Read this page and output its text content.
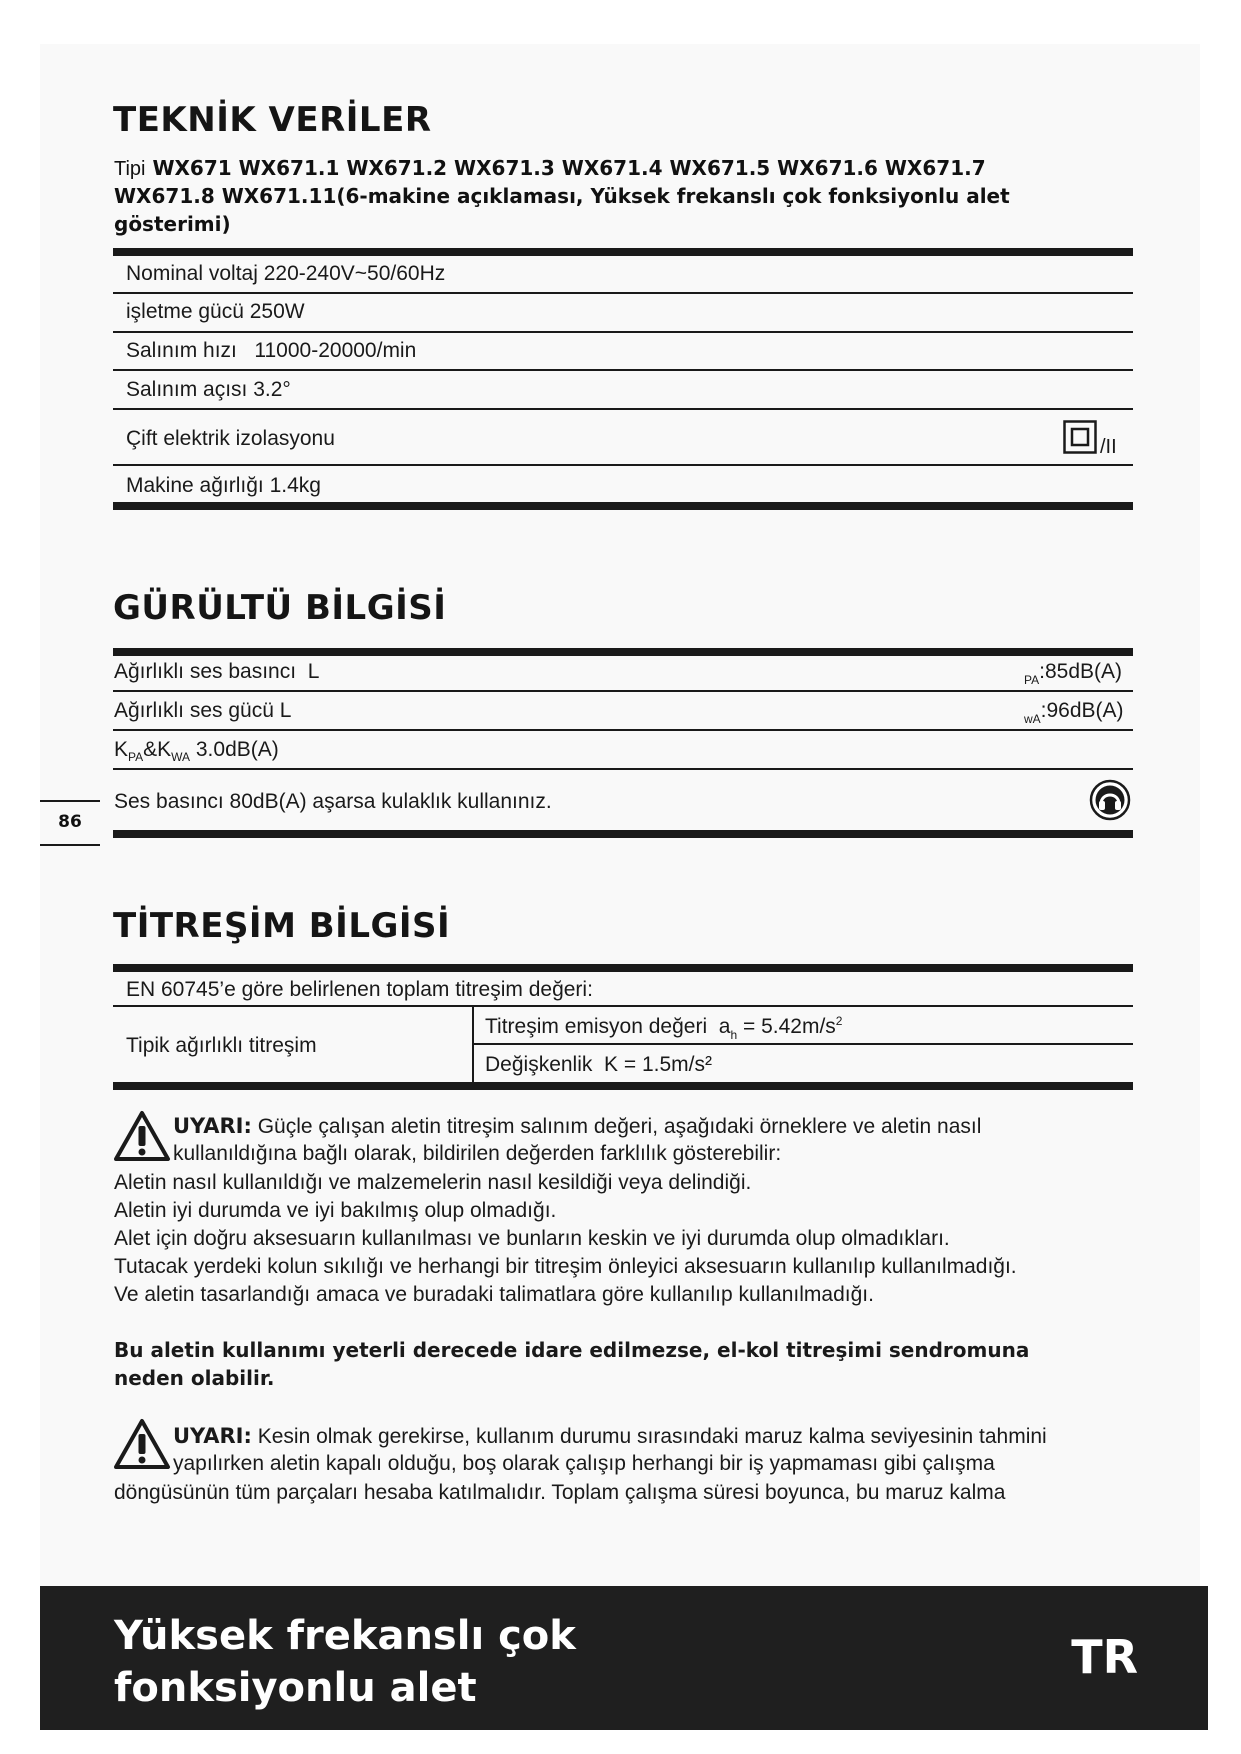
TEKNİK VERİLER
Tipi WX671 WX671.1 WX671.2 WX671.3 WX671.4 WX671.5 WX671.6 WX671.7
WX671.8 WX671.11(6-makine açıklaması, Yüksek frekanslı çok fonksiyonlu alet
gösterimi)
Nominal voltaj 220-240V~50/60Hz
işletme gücü 250W
Salınım hızı   11000-20000/min
Salınım açısı 3.2°
Çift elektrik izolasyonu	/II
Makine ağırlığı 1.4kg
GÜRÜLTÜ BİLGİSİ
Ağırlıklı ses basıncı  L	$_{PA}$:85dB(A)
Ağırlıklı ses gücü L	$_{wA}$:96dB(A)
$K_{PA}\&K_{WA}$ 3.0dB(A)
Ses basıncı 80dB(A) aşarsa kulaklık kullanınız.
86
TİTREŞİM BİLGİSİ
EN 60745’e göre belirlenen toplam titreşim değeri:
Tipik ağırlıklı titreşim
Titreşim emisyon değeri  $a_h = 5.42m/s^2$
Değişkenlik  K = 1.5m/s²
UYARI: Güçle çalışan aletin titreşim salınım değeri, aşağıdaki örneklere ve aletin nasıl
kullanıldığına bağlı olarak, bildirilen değerden farklılık gösterebilir:
Aletin nasıl kullanıldığı ve malzemelerin nasıl kesildiği veya delindiği.
Aletin iyi durumda ve iyi bakılmış olup olmadığı.
Alet için doğru aksesuarın kullanılması ve bunların keskin ve iyi durumda olup olmadıkları.
Tutacak yerdeki kolun sıkılığı ve herhangi bir titreşim önleyici aksesuarın kullanılıp kullanılmadığı.
Ve aletin tasarlandığı amaca ve buradaki talimatlara göre kullanılıp kullanılmadığı.
Bu aletin kullanımı yeterli derecede idare edilmezse, el-kol titreşimi sendromuna
neden olabilir.
UYARI: Kesin olmak gerekirse, kullanım durumu sırasındaki maruz kalma seviyesinin tahmini
yapılırken aletin kapalı olduğu, boş olarak çalışıp herhangi bir iş yapmaması gibi çalışma
döngüsünün tüm parçaları hesaba katılmalıdır. Toplam çalışma süresi boyunca, bu maruz kalma
Yüksek frekanslı çok
fonksiyonlu alet
TR
